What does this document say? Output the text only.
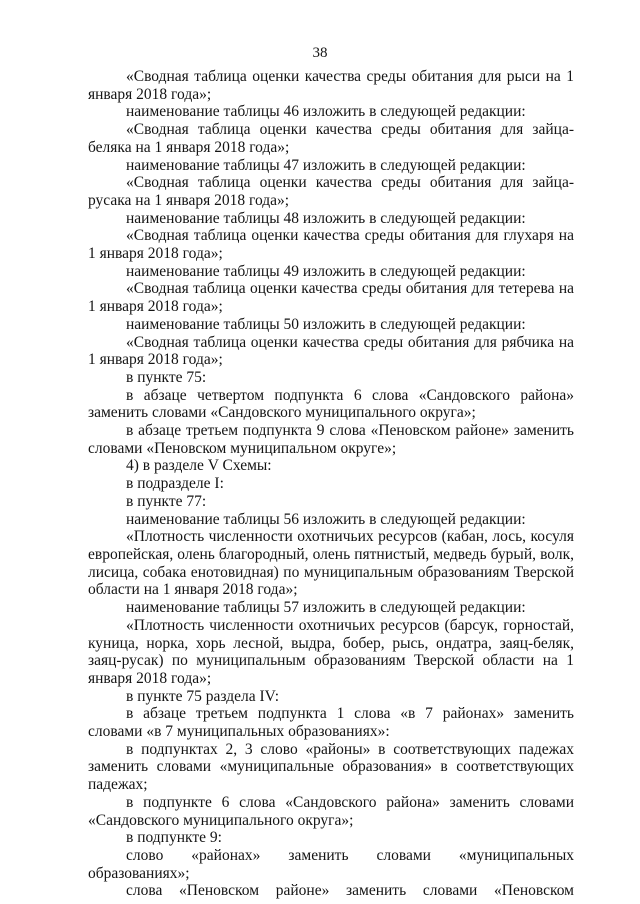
38

«Сводная таблица оценки качества среды обитания для рыси на 1 января 2018 года»;

наименование таблицы 46 изложить в следующей редакции:

«Сводная таблица оценки качества среды обитания для зайца-беляка на 1 января 2018 года»;

наименование таблицы 47 изложить в следующей редакции:

«Сводная таблица оценки качества среды обитания для зайца-русака на 1 января 2018 года»;

наименование таблицы 48 изложить в следующей редакции:

«Сводная таблица оценки качества среды обитания для глухаря на 1 января 2018 года»;

наименование таблицы 49 изложить в следующей редакции:

«Сводная таблица оценки качества среды обитания для тетерева на 1 января 2018 года»;

наименование таблицы 50 изложить в следующей редакции:

«Сводная таблица оценки качества среды обитания для рябчика на 1 января 2018 года»;

в пункте 75:

в абзаце четвертом подпункта 6 слова «Сандовского района» заменить словами «Сандовского муниципального округа»;

в абзаце третьем подпункта 9 слова «Пеновском районе» заменить словами «Пеновском муниципальном округе»;

4) в разделе V Схемы:

в подразделе I:

в пункте 77:

наименование таблицы 56 изложить в следующей редакции:

«Плотность численности охотничьих ресурсов (кабан, лось, косуля европейская, олень благородный, олень пятнистый, медведь бурый, волк, лисица, собака енотовидная) по муниципальным образованиям Тверской области на 1 января 2018 года»;

наименование таблицы 57 изложить в следующей редакции:

«Плотность численности охотничьих ресурсов (барсук, горностай, куница, норка, хорь лесной, выдра, бобер, рысь, ондатра, заяц-беляк, заяц-русак) по муниципальным образованиям Тверской области на 1 января 2018 года»;

в пункте 75 раздела IV:

в абзаце третьем подпункта 1 слова «в 7 районах» заменить словами «в 7 муниципальных образованиях»:

в подпунктах 2, 3 слово «районы» в соответствующих падежах заменить словами «муниципальные образования» в соответствующих падежах;

в подпункте 6 слова «Сандовского района» заменить словами «Сандовского муниципального округа»;

в подпункте 9:

слово «районах» заменить словами «муниципальных образованиях»;

слова «Пеновском районе» заменить словами «Пеновском
